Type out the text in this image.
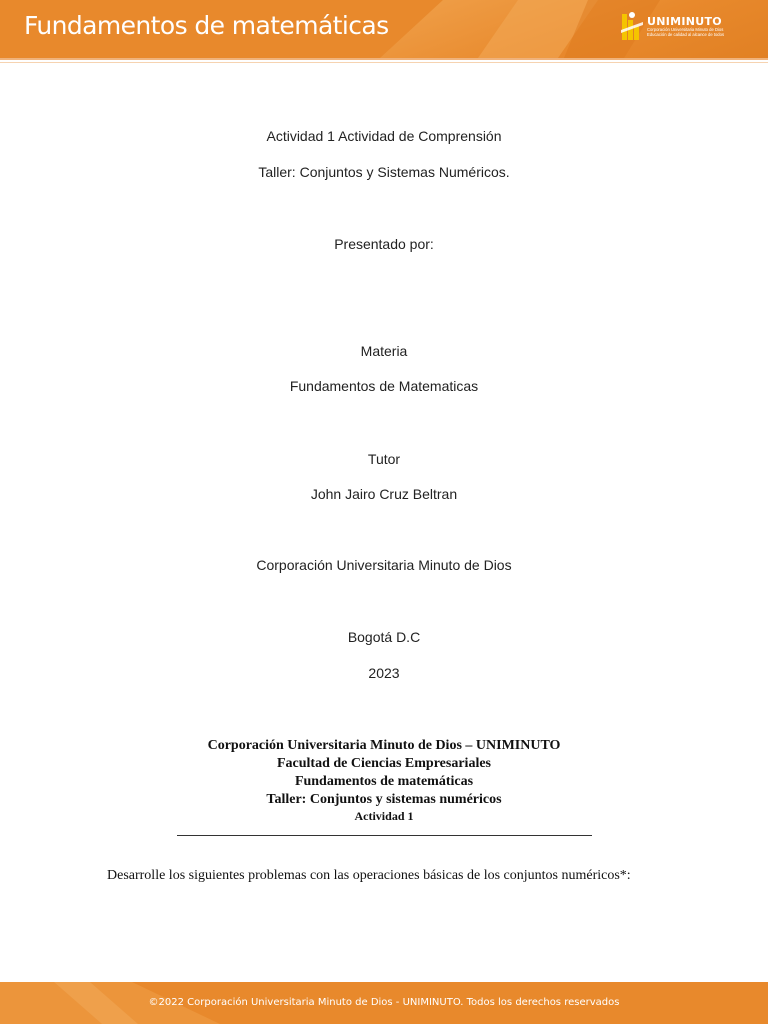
Fundamentos de matemáticas	UNIMINUTO
Corporación Universitaria Minuto de Dios
Educación de calidad al alcance de todos
Actividad 1 Actividad de Comprensión
Taller: Conjuntos y Sistemas Numéricos.
Presentado por:
Materia
Fundamentos de Matematicas
Tutor
John Jairo Cruz Beltran
Corporación Universitaria Minuto de Dios
Bogotá D.C
2023
Corporación Universitaria Minuto de Dios – UNIMINUTO
Facultad de Ciencias Empresariales
Fundamentos de matemáticas
Taller: Conjuntos y sistemas numéricos
Actividad 1
Desarrolle los siguientes problemas con las operaciones básicas de los conjuntos numéricos*:
©2022 Corporación Universitaria Minuto de Dios - UNIMINUTO. Todos los derechos reservados
